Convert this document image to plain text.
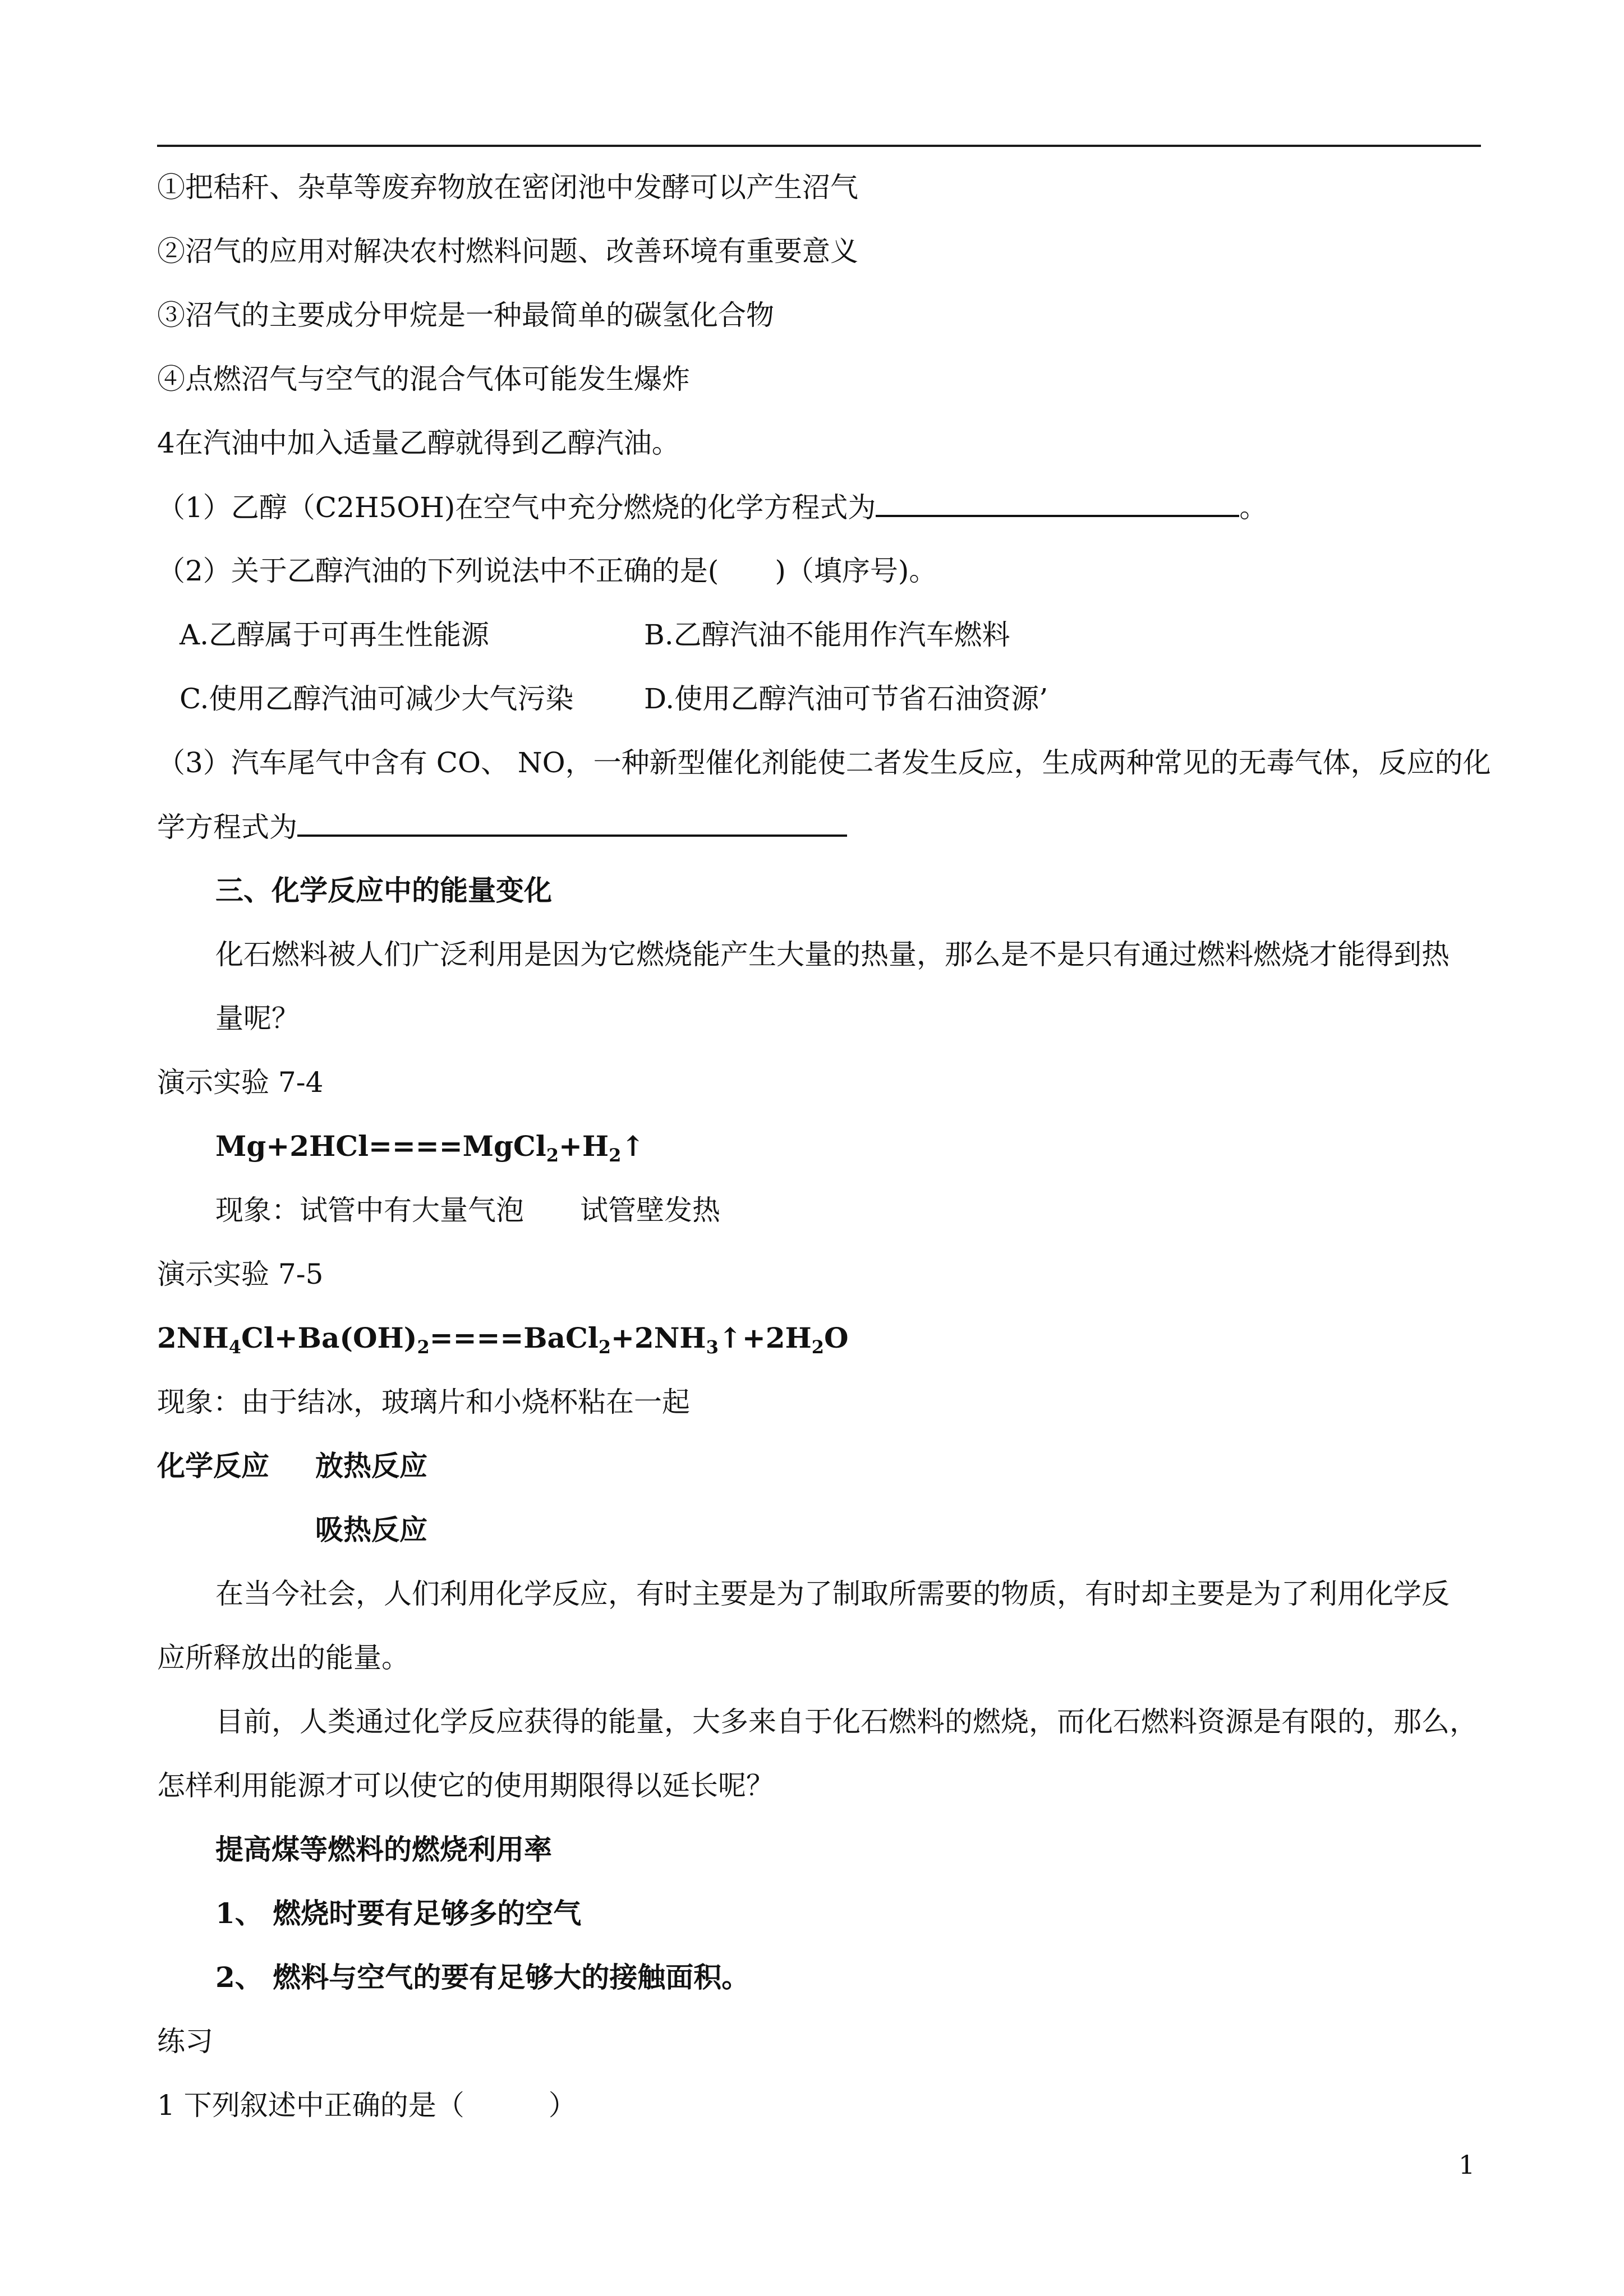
①把秸秆、杂草等废弃物放在密闭池中发酵可以产生沼气
②沼气的应用对解决农村燃料问题、改善环境有重要意义
③沼气的主要成分甲烷是一种最简单的碳氢化合物
④点燃沼气与空气的混合气体可能发生爆炸
4在汽油中加入适量乙醇就得到乙醇汽油。
（1）乙醇（C2H5OH)在空气中充分燃烧的化学方程式为	。
（2）关于乙醇汽油的下列说法中不正确的是(　　)（填序号)。
A.乙醇属于可再生性能源	B.乙醇汽油不能用作汽车燃料
C.使用乙醇汽油可减少大气污染	D.使用乙醇汽油可节省石油资源’
（3）汽车尾气中含有 CO、 NO，一种新型催化剂能使二者发生反应，生成两种常见的无毒气体，反应的化
学方程式为
三、化学反应中的能量变化
化石燃料被人们广泛利用是因为它燃烧能产生大量的热量，那么是不是只有通过燃料燃烧才能得到热
量呢？
演示实验 7-4
$Mg+2HCl====MgCl_2+H_2↑$
现象：试管中有大量气泡　　试管壁发热
演示实验 7-5
$2NH_4Cl+Ba(OH)_2====BaCl_2+2NH_3↑+2H_2O$
现象：由于结冰，玻璃片和小烧杯粘在一起
化学反应 放热反应
吸热反应
在当今社会，人们利用化学反应，有时主要是为了制取所需要的物质，有时却主要是为了利用化学反
应所释放出的能量。
目前，人类通过化学反应获得的能量，大多来自于化石燃料的燃烧，而化石燃料资源是有限的，那么，
怎样利用能源才可以使它的使用期限得以延长呢？
提高煤等燃料的燃烧利用率
1、 燃烧时要有足够多的空气
2、 燃料与空气的要有足够大的接触面积。
练习
1 下列叙述中正确的是（　　　）
1
